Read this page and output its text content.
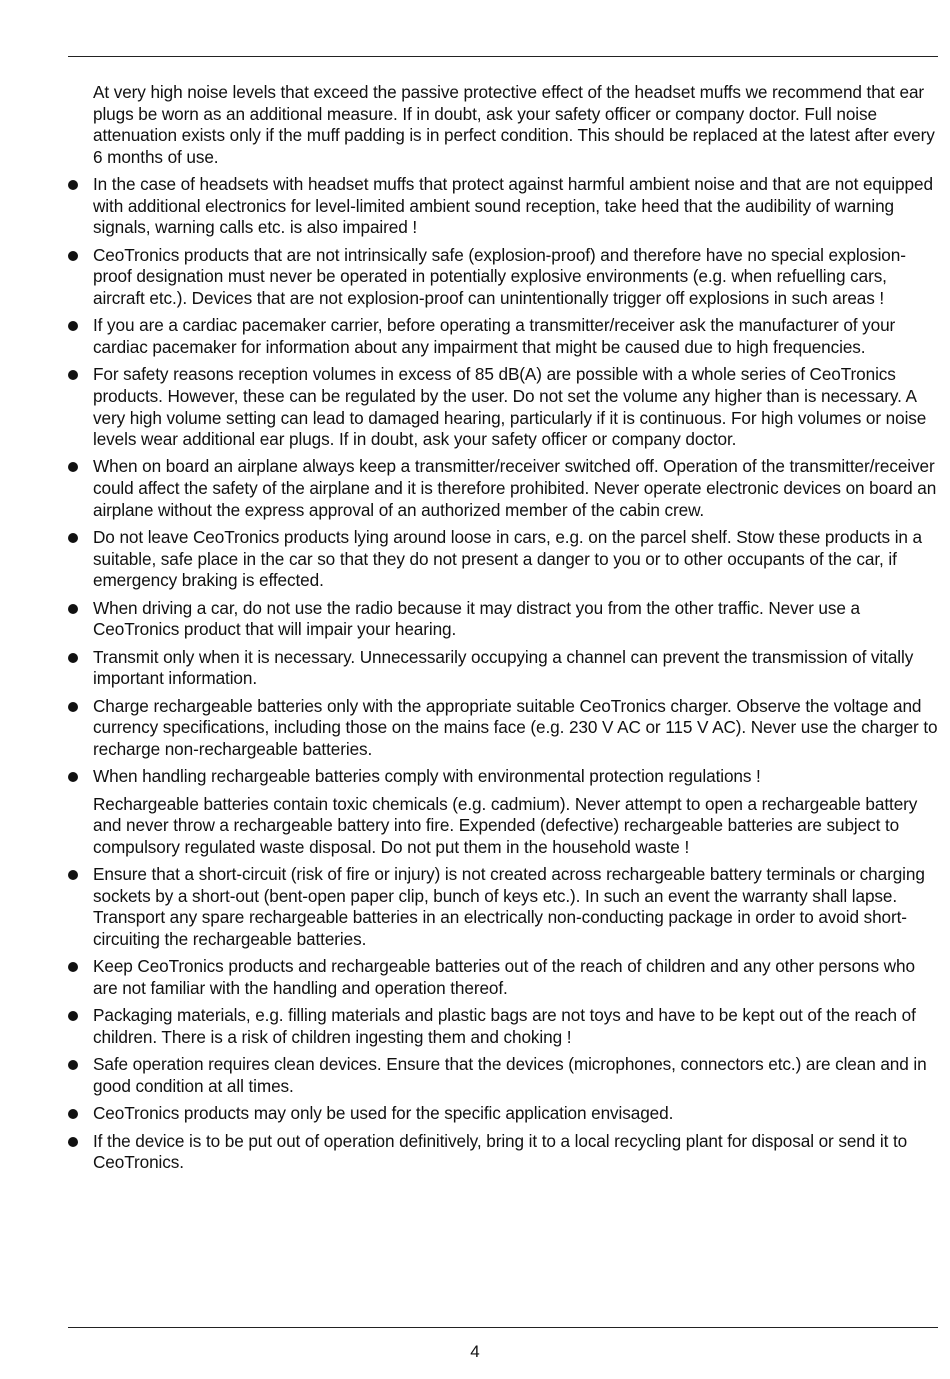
At very high noise levels that exceed the passive protective effect of the headset muffs we recommend that ear plugs be worn as an additional measure. If in doubt, ask your safety officer or company doctor. Full noise attenuation exists only if the muff padding is in perfect condition. This should be replaced at the latest after every 6 months of use.
In the case of headsets with headset muffs that protect against harmful ambient noise and that are not equipped with additional electronics for level-limited ambient sound reception, take heed that the audibility of warning signals, warning calls etc. is also impaired !
CeoTronics products that are not intrinsically safe (explosion-proof) and therefore have no special explosion-proof designation must never be operated in potentially explosive environments (e.g. when refuelling cars, aircraft etc.). Devices that are not explosion-proof can unintentionally trigger off explosions in such areas !
If you are a cardiac pacemaker carrier, before operating a transmitter/receiver ask the manufacturer of your cardiac pacemaker for information about any impairment that might be caused due to high frequencies.
For safety reasons reception volumes in excess of 85 dB(A) are possible with a whole series of CeoTronics products. However, these can be regulated by the user. Do not set the volume any higher than is necessary. A very high volume setting can lead to damaged hearing, particularly if it is continuous. For high volumes or noise levels wear additional ear plugs. If in doubt, ask your safety officer or company doctor.
When on board an airplane always keep a transmitter/receiver switched off. Operation of the transmitter/receiver could affect the safety of the airplane and it is therefore prohibited. Never operate electronic devices on board an airplane without the express approval of an authorized member of the cabin crew.
Do not leave CeoTronics products lying around loose in cars, e.g. on the parcel shelf. Stow these products in a suitable, safe place in the car so that they do not present a danger to you or to other occupants of the car, if emergency braking is effected.
When driving a car, do not use the radio because it may distract you from the other traffic. Never use a CeoTronics product that will impair your hearing.
Transmit only when it is necessary. Unnecessarily occupying a channel can prevent the transmission of vitally important information.
Charge rechargeable batteries only with the appropriate suitable CeoTronics charger. Observe the voltage and currency specifications, including those on the mains face (e.g. 230 V AC or 115 V AC). Never use the charger to recharge non-rechargeable batteries.
When handling rechargeable batteries comply with environmental protection regulations !
Rechargeable batteries contain toxic chemicals (e.g. cadmium). Never attempt to open a rechargeable battery and never throw a rechargeable battery into fire. Expended (defective) rechargeable batteries are subject to compulsory regulated waste disposal. Do not put them in the household waste !
Ensure that a short-circuit (risk of fire or injury) is not created across rechargeable battery terminals or charging sockets by a short-out (bent-open paper clip, bunch of keys etc.). In such an event the warranty shall lapse. Transport any spare rechargeable batteries in an electrically non-conducting package in order to avoid short-circuiting the rechargeable batteries.
Keep CeoTronics products and rechargeable batteries out of the reach of children and any other persons who are not familiar with the handling and operation thereof.
Packaging materials, e.g. filling materials and plastic bags are not toys and have to be kept out of the reach of children. There is a risk of children ingesting them and choking !
Safe operation requires clean devices. Ensure that the devices (microphones, connectors etc.) are clean and in good condition at all times.
CeoTronics products may only be used for the specific application envisaged.
If the device is to be put out of operation definitively, bring it to a local recycling plant for disposal or send it to CeoTronics.
4
